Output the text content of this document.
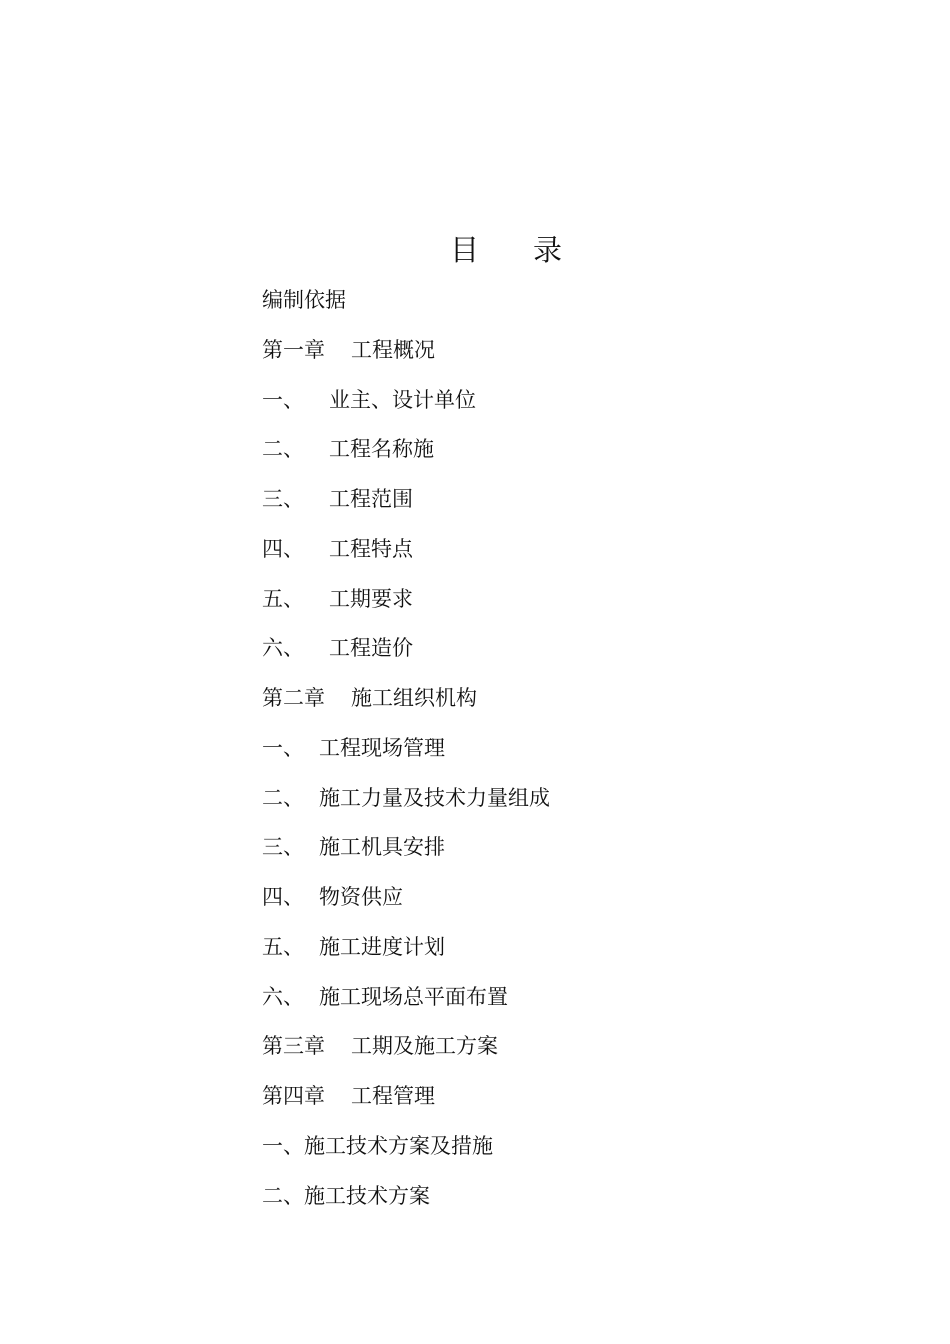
目 录
编制依据
第一章 工程概况
一、 业主、设计单位
二、 工程名称施
三、 工程范围
四、 工程特点
五、 工期要求
六、 工程造价
第二章 施工组织机构
一、 工程现场管理
二、 施工力量及技术力量组成
三、 施工机具安排
四、 物资供应
五、 施工进度计划
六、 施工现场总平面布置
第三章 工期及施工方案
第四章 工程管理
一、施工技术方案及措施
二、施工技术方案
